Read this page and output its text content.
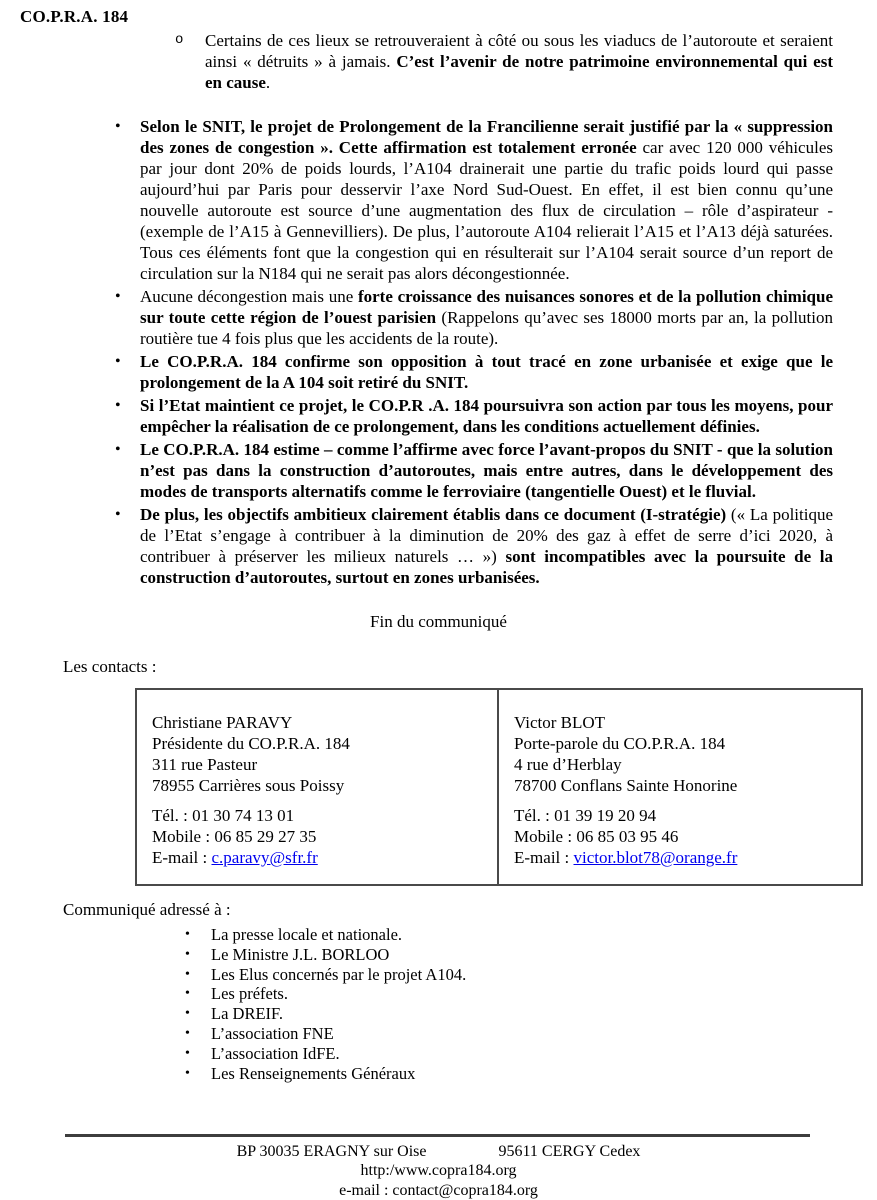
CO.P.R.A. 184
o	Certains de ces lieux se retrouveraient à côté ou sous les viaducs de l’autoroute et seraient ainsi « détruits » à jamais. C’est l’avenir de notre patrimoine environnemental qui est en cause.
•	Selon le SNIT, le projet de Prolongement de la Francilienne serait justifié par la « suppression des zones de congestion ». Cette affirmation est totalement erronée car avec 120 000 véhicules par jour dont 20% de poids lourds, l’A104 drainerait une partie du trafic poids lourd qui passe aujourd’hui par Paris pour desservir l’axe Nord Sud-Ouest. En effet, il est bien connu qu’une nouvelle autoroute est source d’une augmentation des flux de circulation – rôle d’aspirateur - (exemple de l’A15 à Gennevilliers). De plus, l’autoroute A104 relierait l’A15 et l’A13 déjà saturées. Tous ces éléments font que la congestion qui en résulterait sur l’A104 serait source d’un report de circulation sur la N184 qui ne serait pas alors décongestionnée.
•	Aucune décongestion mais une forte croissance des nuisances sonores et de la pollution chimique sur toute cette région de l’ouest parisien (Rappelons qu’avec ses 18000 morts par an, la pollution routière tue 4 fois plus que les accidents de la route).
•	Le CO.P.R.A. 184 confirme son opposition à tout tracé en zone urbanisée et exige que le prolongement de la A 104 soit retiré du SNIT.
•	Si l’Etat maintient ce projet, le CO.P.R .A. 184 poursuivra son action par tous les moyens, pour empêcher la réalisation de ce prolongement, dans les conditions actuellement définies.
•	Le CO.P.R.A. 184 estime – comme l’affirme avec force l’avant-propos du SNIT - que la solution n’est pas dans la construction d’autoroutes, mais entre autres, dans le développement des modes de transports alternatifs comme le ferroviaire (tangentielle Ouest) et le fluvial.
•	De plus, les objectifs ambitieux clairement établis dans ce document (I-stratégie) (« La politique de l’Etat s’engage à contribuer à la diminution de 20% des gaz à effet de serre d’ici 2020, à contribuer à préserver les milieux naturels … ») sont incompatibles avec la poursuite de la construction d’autoroutes, surtout en zones urbanisées.
Fin du communiqué
Les contacts :
Christiane PARAVY
Présidente du CO.P.R.A. 184
311 rue Pasteur
78955 Carrières sous Poissy
Tél. : 01 30 74 13 01
Mobile : 06 85 29 27 35
E-mail : c.paravy@sfr.fr
Victor BLOT
Porte-parole du CO.P.R.A. 184
4 rue d’Herblay
78700 Conflans Sainte Honorine
Tél. : 01 39 19 20 94
Mobile : 06 85 03 95 46
E-mail : victor.blot78@orange.fr
Communiqué adressé à :
•	La presse locale et nationale.
•	Le Ministre J.L. BORLOO
•	Les Elus concernés par le projet A104.
•	Les préfets.
•	La DREIF.
•	L’association FNE
•	L’association IdFE.
•	Les Renseignements Généraux
BP 30035 ERAGNY sur Oise	95611 CERGY Cedex
http:/www.copra184.org
e-mail : contact@copra184.org
